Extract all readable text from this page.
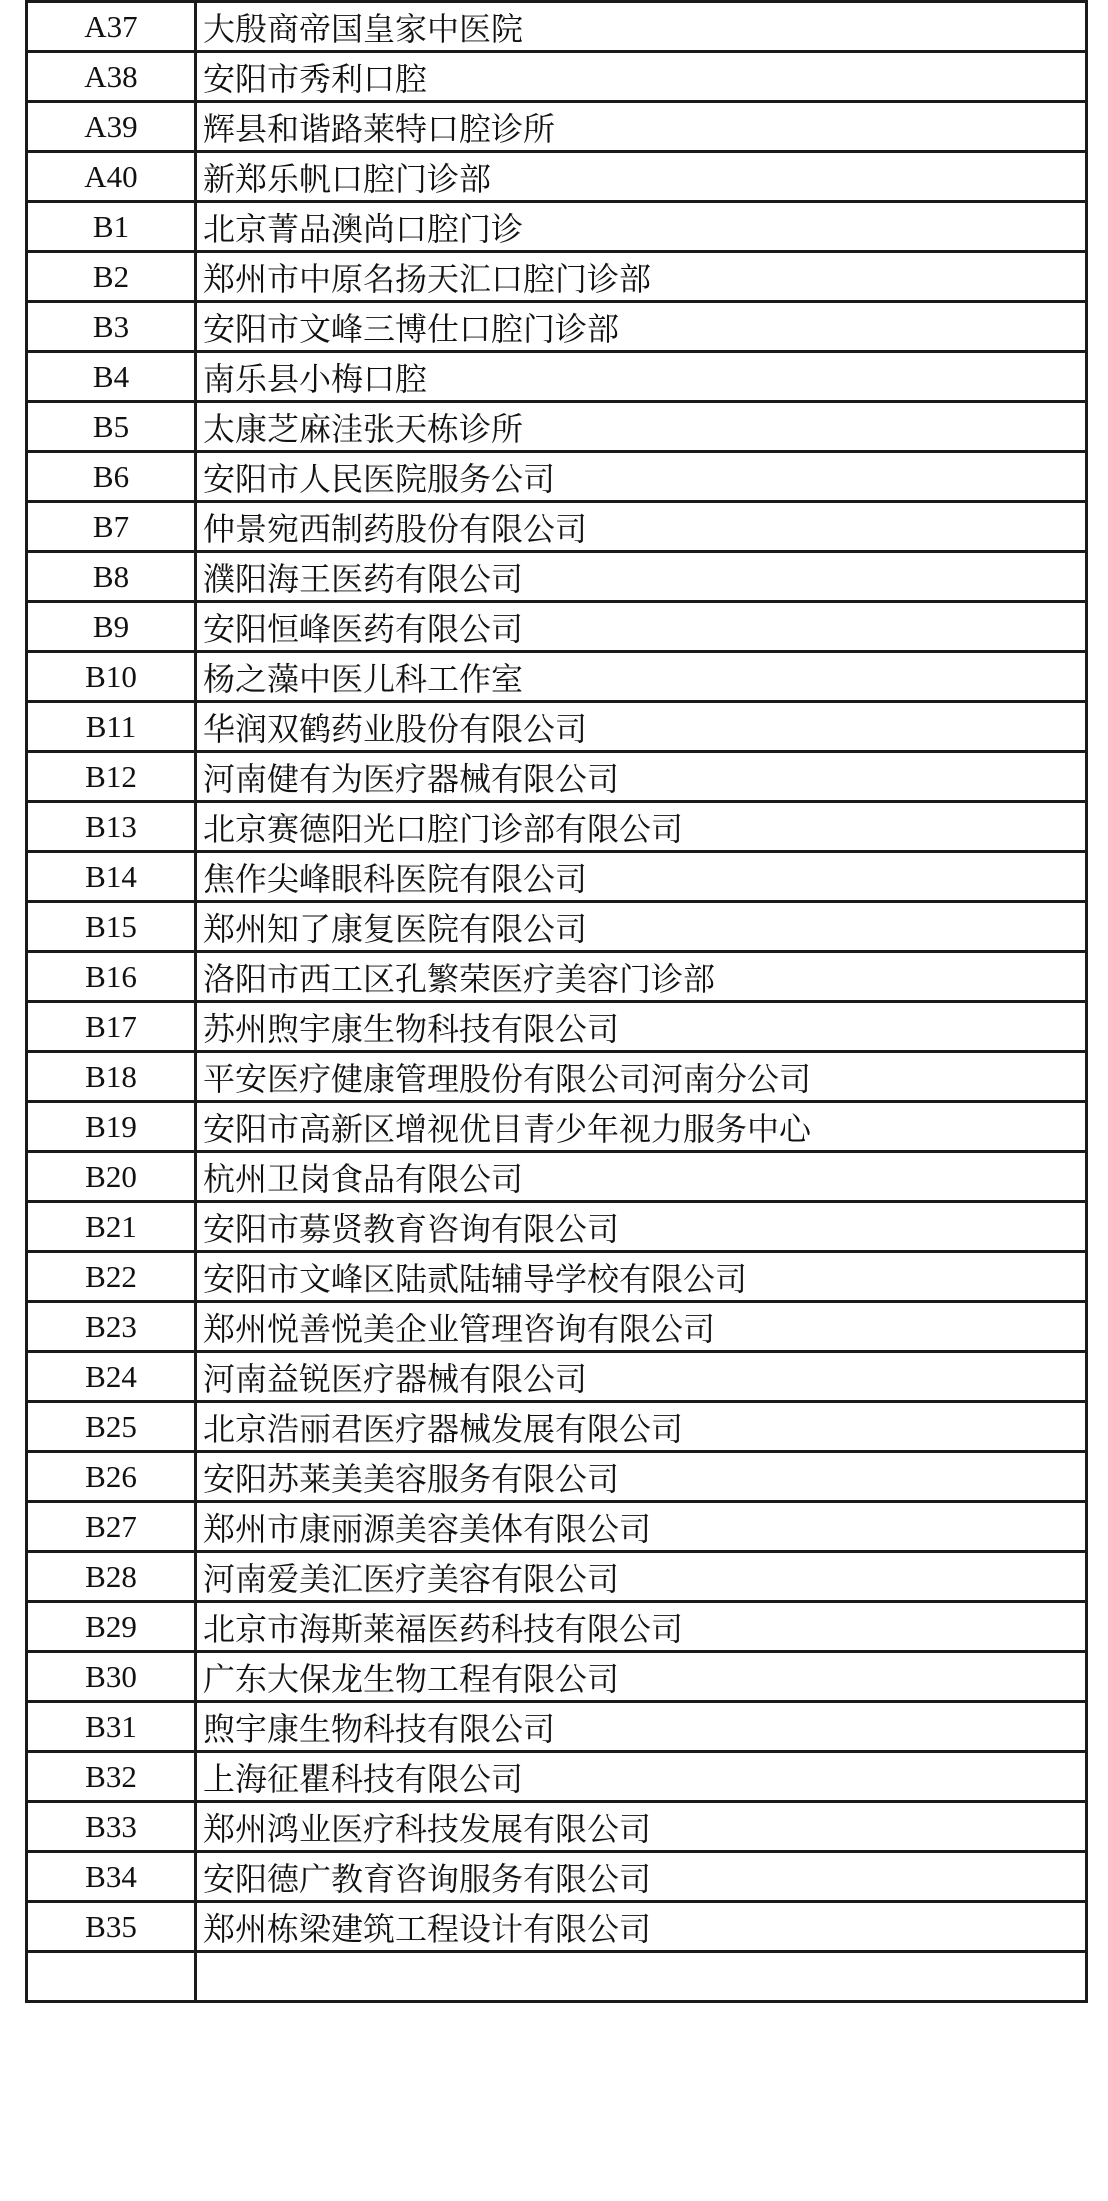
A37	大殷商帝国皇家中医院
A38	安阳市秀利口腔
A39	辉县和谐路莱特口腔诊所
A40	新郑乐帆口腔门诊部
B1	北京菁品澳尚口腔门诊
B2	郑州市中原名扬天汇口腔门诊部
B3	安阳市文峰三博仕口腔门诊部
B4	南乐县小梅口腔
B5	太康芝麻洼张天栋诊所
B6	安阳市人民医院服务公司
B7	仲景宛西制药股份有限公司
B8	濮阳海王医药有限公司
B9	安阳恒峰医药有限公司
B10	杨之藻中医儿科工作室
B11	华润双鹤药业股份有限公司
B12	河南健有为医疗器械有限公司
B13	北京赛德阳光口腔门诊部有限公司
B14	焦作尖峰眼科医院有限公司
B15	郑州知了康复医院有限公司
B16	洛阳市西工区孔繁荣医疗美容门诊部
B17	苏州煦宇康生物科技有限公司
B18	平安医疗健康管理股份有限公司河南分公司
B19	安阳市高新区增视优目青少年视力服务中心
B20	杭州卫岗食品有限公司
B21	安阳市募贤教育咨询有限公司
B22	安阳市文峰区陆贰陆辅导学校有限公司
B23	郑州悦善悦美企业管理咨询有限公司
B24	河南益锐医疗器械有限公司
B25	北京浩丽君医疗器械发展有限公司
B26	安阳苏莱美美容服务有限公司
B27	郑州市康丽源美容美体有限公司
B28	河南爱美汇医疗美容有限公司
B29	北京市海斯莱福医药科技有限公司
B30	广东大保龙生物工程有限公司
B31	煦宇康生物科技有限公司
B32	上海征瞿科技有限公司
B33	郑州鸿业医疗科技发展有限公司
B34	安阳德广教育咨询服务有限公司
B35	郑州栋梁建筑工程设计有限公司
